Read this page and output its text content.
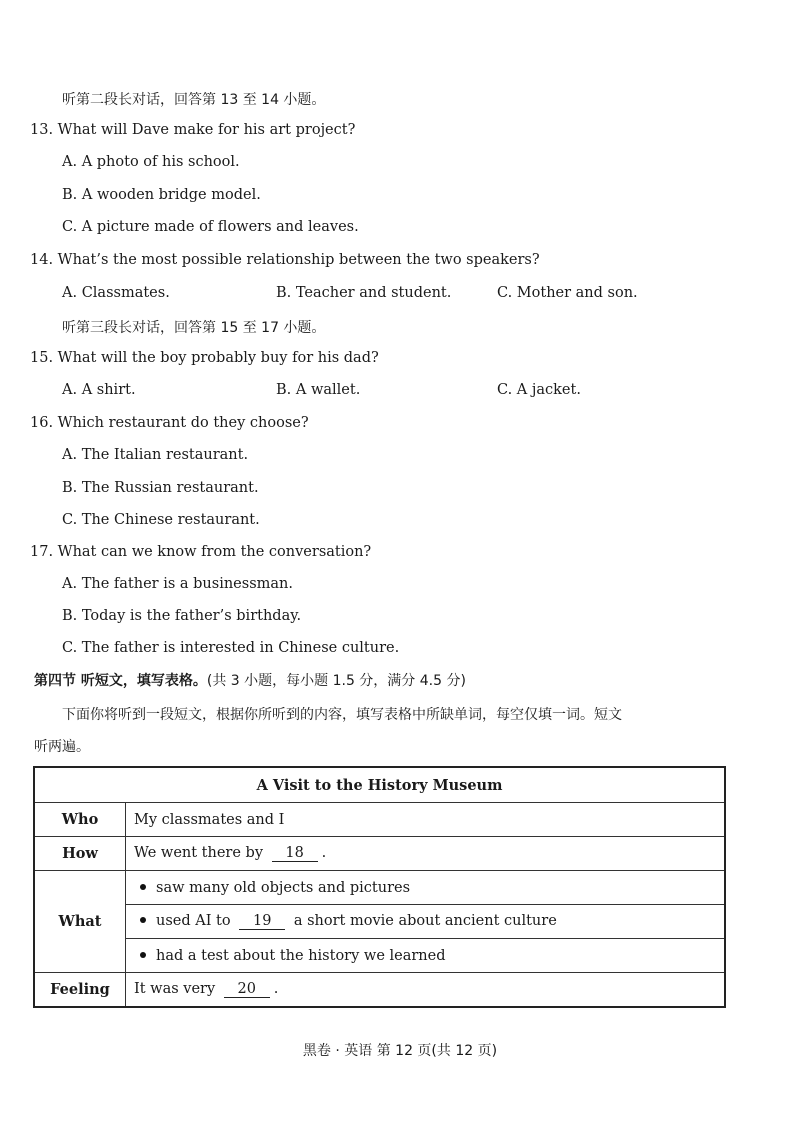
听第二段长对话，回答第 13 至 14 小题。
13. What will Dave make for his art project?
A. A photo of his school.
B. A wooden bridge model.
C. A picture made of flowers and leaves.
14. What’s the most possible relationship between the two speakers?
A. Classmates.	B. Teacher and student.	C. Mother and son.
听第三段长对话，回答第 15 至 17 小题。
15. What will the boy probably buy for his dad?
A. A shirt.	B. A wallet.	C. A jacket.
16. Which restaurant do they choose?
A. The Italian restaurant.
B. The Russian restaurant.
C. The Chinese restaurant.
17. What can we know from the conversation?
A. The father is a businessman.
B. Today is the father’s birthday.
C. The father is interested in Chinese culture.
第四节 听短文，填写表格。(共 3 小题，每小题 1.5 分，满分 4.5 分)
下面你将听到一段短文，根据你所听到的内容，填写表格中所缺单词，每空仅填一词。短文
听两遍。
A Visit to the History Museum	
Who	My classmates and I
How	We went there by 18 .
What	saw many old objects and pictures
	used AI to 19 a short movie about ancient culture
	had a test about the history we learned
Feeling	It was very 20 .
黑卷 · 英语 第 12 页(共 12 页)
